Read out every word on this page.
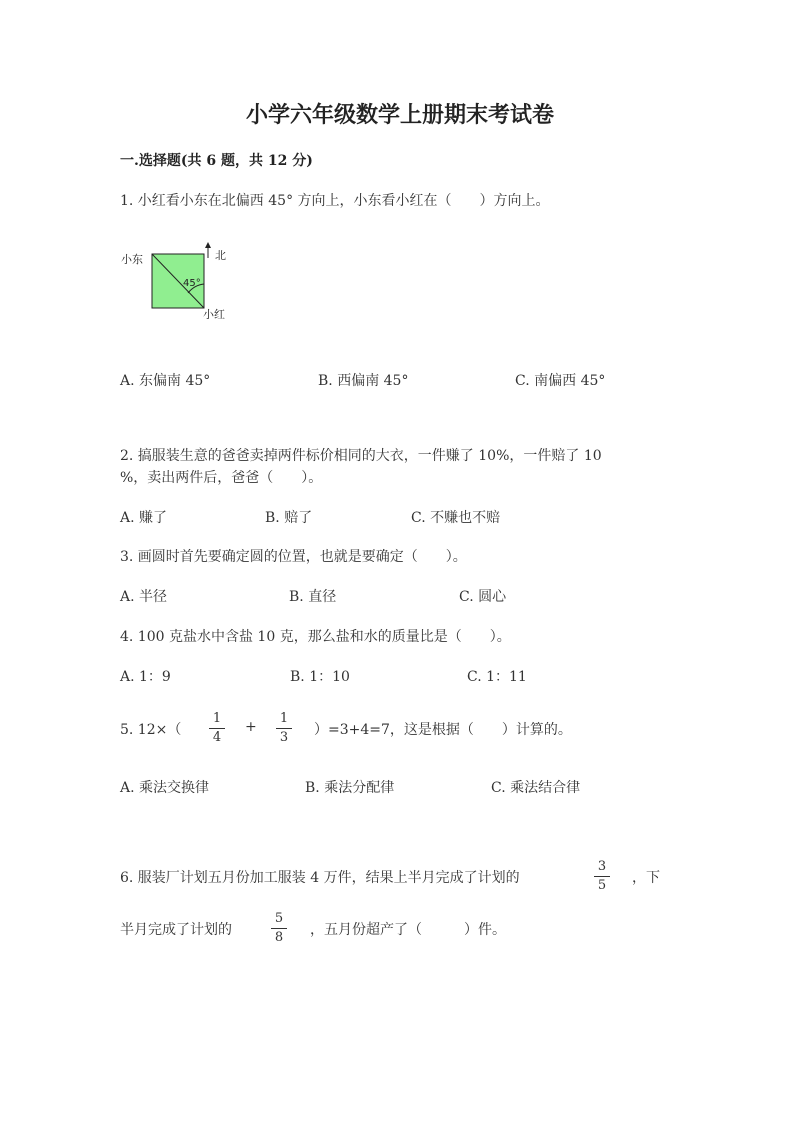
小学六年级数学上册期末考试卷
一.选择题(共 6 题，共 12 分)
1. 小红看小东在北偏西 45° 方向上，小东看小红在（　　）方向上。
小东	北
45°
小红
A. 东偏南 45°	B. 西偏南 45°	C. 南偏西 45°
2. 搞服装生意的爸爸卖掉两件标价相同的大衣，一件赚了 10%，一件赔了 10
%，卖出两件后，爸爸（　　）。
A. 赚了	B. 赔了	C. 不赚也不赔
3. 画圆时首先要确定圆的位置，也就是要确定（　　）。
A. 半径	B. 直径	C. 圆心
4. 100 克盐水中含盐 10 克，那么盐和水的质量比是（　　）。
A. 1：9	B. 1：10	C. 1：11
5. 12×（
1
4
+
1
3	）=3+4=7，这是根据（　　）计算的。
A. 乘法交换律	B. 乘法分配律	C. 乘法结合律
6. 服装厂计划五月份加工服装 4 万件，结果上半月完成了计划的
3
5	，下
半月完成了计划的
5
8	，五月份超产了（　　　）件。
